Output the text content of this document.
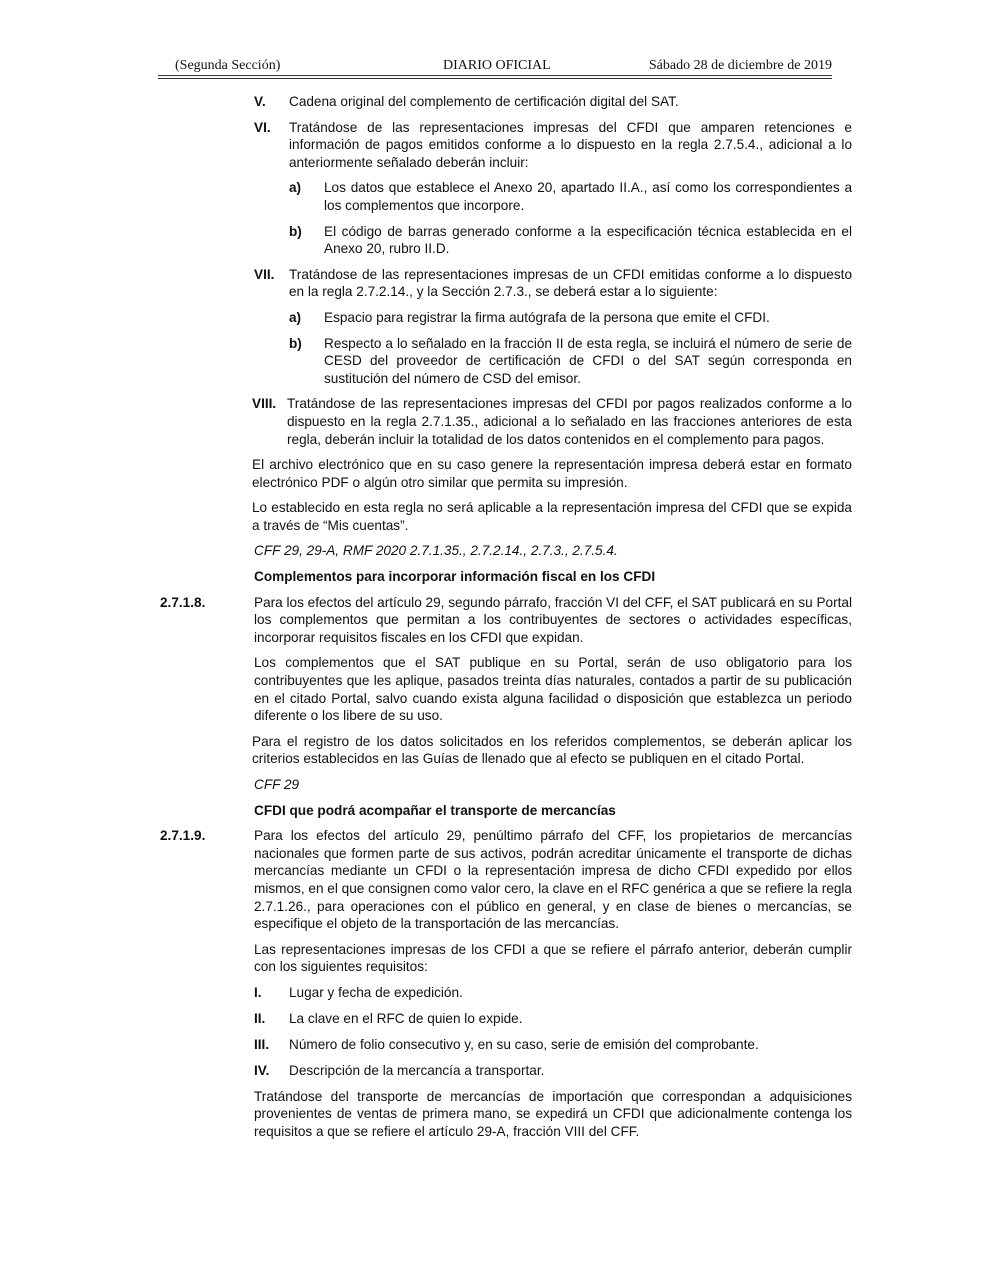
(Segunda Sección)	DIARIO OFICIAL	Sábado 28 de diciembre de 2019
V. Cadena original del complemento de certificación digital del SAT.
VI. Tratándose de las representaciones impresas del CFDI que amparen retenciones e información de pagos emitidos conforme a lo dispuesto en la regla 2.7.5.4., adicional a lo anteriormente señalado deberán incluir:
a) Los datos que establece el Anexo 20, apartado II.A., así como los correspondientes a los complementos que incorpore.
b) El código de barras generado conforme a la especificación técnica establecida en el Anexo 20, rubro II.D.
VII. Tratándose de las representaciones impresas de un CFDI emitidas conforme a lo dispuesto en la regla 2.7.2.14., y la Sección 2.7.3., se deberá estar a lo siguiente:
a) Espacio para registrar la firma autógrafa de la persona que emite el CFDI.
b) Respecto a lo señalado en la fracción II de esta regla, se incluirá el número de serie de CESD del proveedor de certificación de CFDI o del SAT según corresponda en sustitución del número de CSD del emisor.
VIII. Tratándose de las representaciones impresas del CFDI por pagos realizados conforme a lo dispuesto en la regla 2.7.1.35., adicional a lo señalado en las fracciones anteriores de esta regla, deberán incluir la totalidad de los datos contenidos en el complemento para pagos.
El archivo electrónico que en su caso genere la representación impresa deberá estar en formato electrónico PDF o algún otro similar que permita su impresión.
Lo establecido en esta regla no será aplicable a la representación impresa del CFDI que se expida a través de “Mis cuentas”.
CFF 29, 29-A, RMF 2020 2.7.1.35., 2.7.2.14., 2.7.3., 2.7.5.4.
Complementos para incorporar información fiscal en los CFDI
2.7.1.8.	Para los efectos del artículo 29, segundo párrafo, fracción VI del CFF, el SAT publicará en su Portal los complementos que permitan a los contribuyentes de sectores o actividades específicas, incorporar requisitos fiscales en los CFDI que expidan.
Los complementos que el SAT publique en su Portal, serán de uso obligatorio para los contribuyentes que les aplique, pasados treinta días naturales, contados a partir de su publicación en el citado Portal, salvo cuando exista alguna facilidad o disposición que establezca un periodo diferente o los libere de su uso.
Para el registro de los datos solicitados en los referidos complementos, se deberán aplicar los criterios establecidos en las Guías de llenado que al efecto se publiquen en el citado Portal.
CFF 29
CFDI que podrá acompañar el transporte de mercancías
2.7.1.9.	Para los efectos del artículo 29, penúltimo párrafo del CFF, los propietarios de mercancías nacionales que formen parte de sus activos, podrán acreditar únicamente el transporte de dichas mercancías mediante un CFDI o la representación impresa de dicho CFDI expedido por ellos mismos, en el que consignen como valor cero, la clave en el RFC genérica a que se refiere la regla 2.7.1.26., para operaciones con el público en general, y en clase de bienes o mercancías, se especifique el objeto de la transportación de las mercancías.
Las representaciones impresas de los CFDI a que se refiere el párrafo anterior, deberán cumplir con los siguientes requisitos:
I. Lugar y fecha de expedición.
II. La clave en el RFC de quien lo expide.
III. Número de folio consecutivo y, en su caso, serie de emisión del comprobante.
IV. Descripción de la mercancía a transportar.
Tratándose del transporte de mercancías de importación que correspondan a adquisiciones provenientes de ventas de primera mano, se expedirá un CFDI que adicionalmente contenga los requisitos a que se refiere el artículo 29-A, fracción VIII del CFF.
